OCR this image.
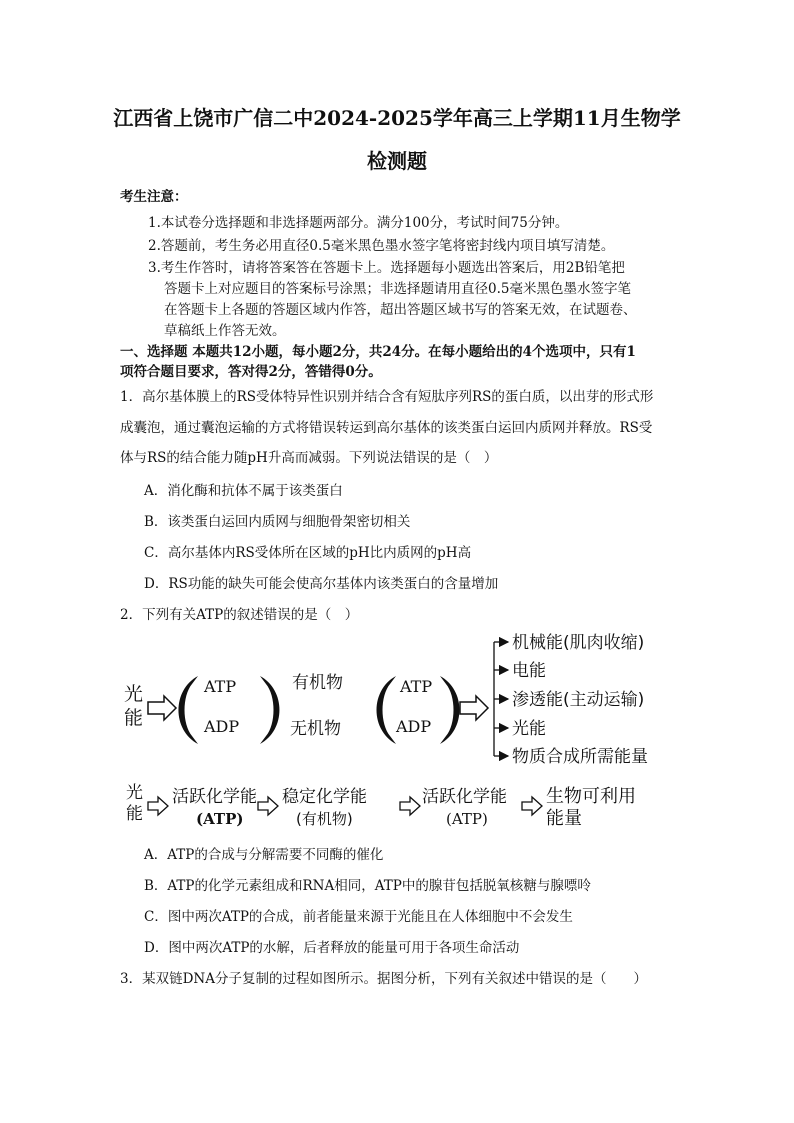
江西省上饶市广信二中2024-2025学年高三上学期11月生物学
检测题
考生注意：
1.本试卷分选择题和非选择题两部分。满分100分，考试时间75分钟。
2.答题前，考生务必用直径0.5毫米黑色墨水签字笔将密封线内项目填写清楚。
3.考生作答时，请将答案答在答题卡上。选择题每小题选出答案后，用2B铅笔把
答题卡上对应题目的答案标号涂黑；非选择题请用直径0.5毫米黑色墨水签字笔
在答题卡上各题的答题区域内作答，超出答题区域书写的答案无效，在试题卷、
草稿纸上作答无效。
一、选择题 本题共12小题，每小题2分，共24分。在每小题给出的4个选项中，只有1
项符合题目要求，答对得2分，答错得0分。
1．高尔基体膜上的RS受体特异性识别并结合含有短肽序列RS的蛋白质，以出芽的形式形
成囊泡，通过囊泡运输的方式将错误转运到高尔基体的该类蛋白运回内质网并释放。RS受
体与RS的结合能力随pH升高而减弱。下列说法错误的是（　）
A．消化酶和抗体不属于该类蛋白
B．该类蛋白运回内质网与细胞骨架密切相关
C．高尔基体内RS受体所在区域的pH比内质网的pH高
D．RS功能的缺失可能会使高尔基体内该类蛋白的含量增加
2．下列有关ATP的叙述错误的是（　）
光
能
ATP
ADP
有机物
无机物
ATP
ADP
机械能(肌肉收缩)
电能
渗透能(主动运输)
光能
物质合成所需能量
光
能
活跃化学能
(ATP)
稳定化学能
(有机物)
活跃化学能
(ATP)
生物可利用
能量
A．ATP的合成与分解需要不同酶的催化
B．ATP的化学元素组成和RNA相同，ATP中的腺苷包括脱氧核糖与腺嘌呤
C．图中两次ATP的合成，前者能量来源于光能且在人体细胞中不会发生
D．图中两次ATP的水解，后者释放的能量可用于各项生命活动
3．某双链DNA分子复制的过程如图所示。据图分析，下列有关叙述中错误的是（　　）
